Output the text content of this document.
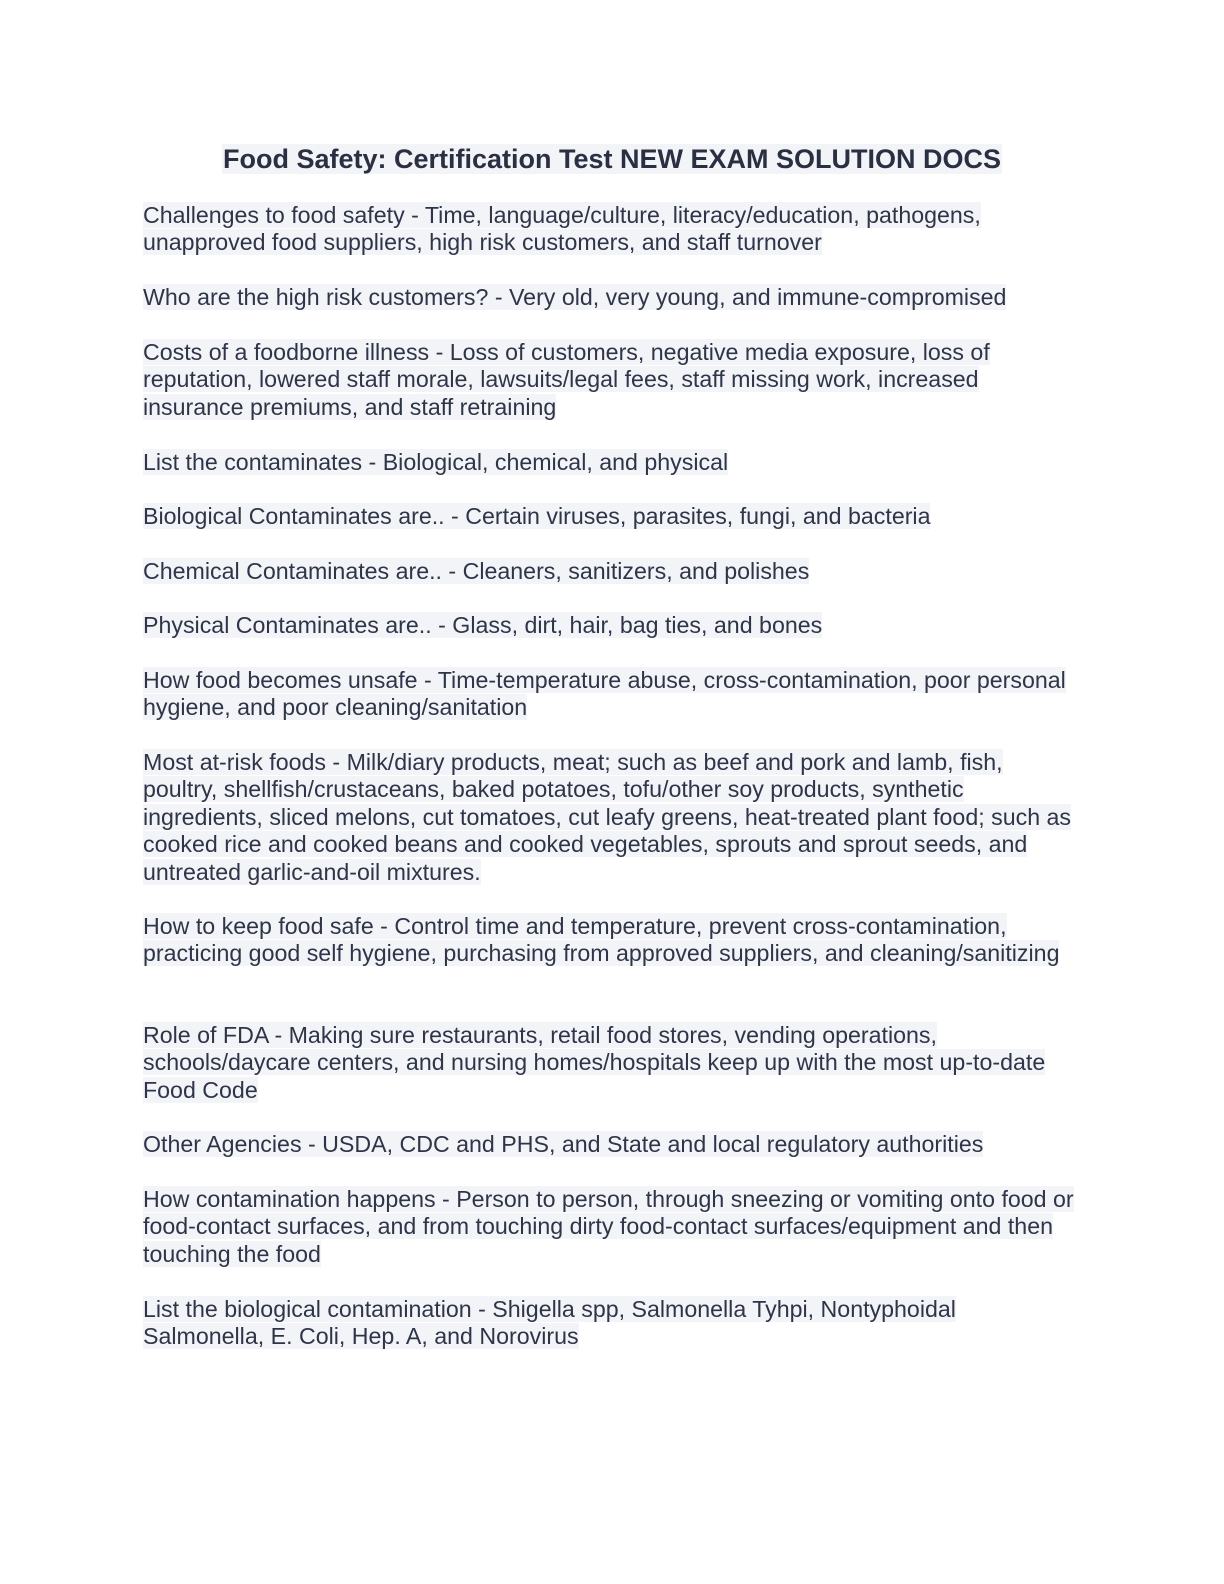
Food Safety: Certification Test NEW EXAM SOLUTION DOCS

Challenges to food safety - Time, language/culture, literacy/education, pathogens, unapproved food suppliers, high risk customers, and staff turnover

Who are the high risk customers? - Very old, very young, and immune-compromised

Costs of a foodborne illness - Loss of customers, negative media exposure, loss of reputation, lowered staff morale, lawsuits/legal fees, staff missing work, increased insurance premiums, and staff retraining

List the contaminates - Biological, chemical, and physical

Biological Contaminates are.. - Certain viruses, parasites, fungi, and bacteria

Chemical Contaminates are.. - Cleaners, sanitizers, and polishes

Physical Contaminates are.. - Glass, dirt, hair, bag ties, and bones

How food becomes unsafe - Time-temperature abuse, cross-contamination, poor personal hygiene, and poor cleaning/sanitation

Most at-risk foods - Milk/diary products, meat; such as beef and pork and lamb, fish, poultry, shellfish/crustaceans, baked potatoes, tofu/other soy products, synthetic ingredients, sliced melons, cut tomatoes, cut leafy greens, heat-treated plant food; such as cooked rice and cooked beans and cooked vegetables, sprouts and sprout seeds, and untreated garlic-and-oil mixtures.

How to keep food safe - Control time and temperature, prevent cross-contamination, practicing good self hygiene, purchasing from approved suppliers, and cleaning/sanitizing

Role of FDA - Making sure restaurants, retail food stores, vending operations, schools/daycare centers, and nursing homes/hospitals keep up with the most up-to-date Food Code

Other Agencies - USDA, CDC and PHS, and State and local regulatory authorities

How contamination happens - Person to person, through sneezing or vomiting onto food or food-contact surfaces, and from touching dirty food-contact surfaces/equipment and then touching the food

List the biological contamination - Shigella spp, Salmonella Tyhpi, Nontyphoidal Salmonella, E. Coli, Hep. A, and Norovirus
